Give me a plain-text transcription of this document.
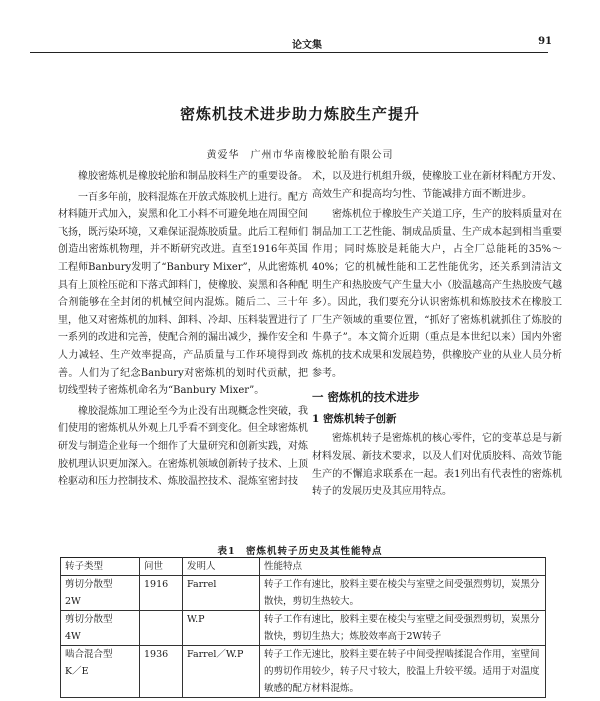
论文集	91
密炼机技术进步助力炼胶生产提升
黄爱华　广州市华南橡胶轮胎有限公司

橡胶密炼机是橡胶轮胎和制品胶料生产的重要设备。

一百多年前，胶料混炼在开放式炼胶机上进行。配方材料随开式加入，炭黑和化工小料不可避免地在周围空间飞扬，既污染环境，又难保证混炼胶质量。此后工程师们创造出密炼机物理，并不断研究改进。直至1916年英国工程师Banbury发明了“Banbury Mixer”，从此密炼机具有上顶栓压砣和下落式卸料门，使橡胶、炭黑和各种配合剂能够在全封闭的机械空间内混炼。随后二、三十年里，他又对密炼机的加料、卸料、冷却、压料装置进行了一系列的改进和完善，使配合剂的漏出减少，操作安全和人力减轻、生产效率提高，产品质量与工作环境得到改善。人们为了纪念Banbury对密炼机的划时代贡献，把切线型转子密炼机命名为“Banbury Mixer”。

橡胶混炼加工理论至今为止没有出现概念性突破，我们使用的密炼机从外观上几乎看不到变化。但全球密炼机研发与制造企业每一个细作了大量研究和创新实践，对炼胶机理认识更加深入。在密炼机领域创新转子技术、上顶栓驱动和压力控制技术、炼胶温控技术、混炼室密封技

术，以及进行机组升级，使橡胶工业在新材料配方开发、高效生产和提高均匀性、节能减排方面不断进步。

密炼机位于橡胶生产关道工序，生产的胶料质量对在制品加工工艺性能、制成品质量、生产成本起到相当重要作用；同时炼胶是耗能大户，占全厂总能耗的35%～40%；它的机械性能和工艺性能优劣，还关系到清洁文明生产和热胶废气产生量大小（胶温越高产生热胶废气越多）。因此，我们要充分认识密炼机和炼胶技术在橡胶工厂生产领域的重要位置，“抓好了密炼机就抓住了炼胶的牛鼻子”。本文简介近期（重点是本世纪以来）国内外密炼机的技术成果和发展趋势，供橡胶产业的从业人员分析参考。

一 密炼机的技术进步
1 密炼机转子创新

密炼机转子是密炼机的核心零件，它的变革总是与新材料发展、新技术要求，以及人们对优质胶料、高效节能生产的不懈追求联系在一起。表1列出有代表性的密炼机转子的发展历史及其应用特点。

表1　密炼机转子历史及其性能特点
转子类型	问世	发明人	性能特点
剪切分散型
2W	1916	Farrel	转子工作有速比，胶料主要在棱尖与室壁之间受强烈剪切，炭黑分散快，剪切生热较大。
剪切分散型
4W		W.P	转子工作有速比，胶料主要在棱尖与室壁之间受强烈剪切，炭黑分散快，剪切生热大；炼胶效率高于2W转子
啮合混合型
K／E	1936	Farrel／W.P	转子工作无速比，胶料主要在转子中间受捏啮揉混合作用，室壁间的剪切作用较少，转子尺寸较大，胶温上升较平缓。适用于对温度敏感的配方材料混炼。
